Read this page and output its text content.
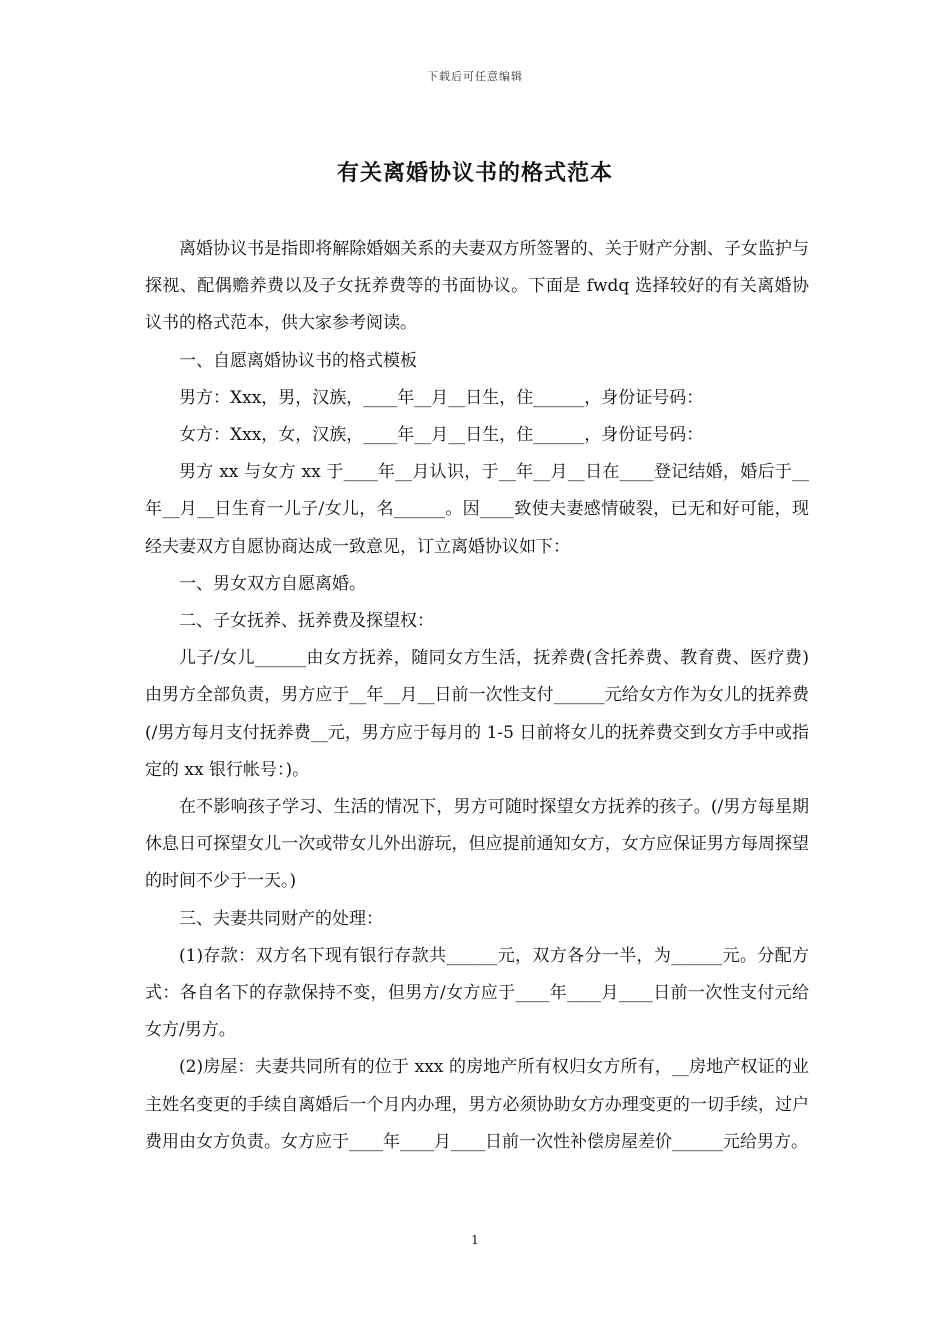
下载后可任意编辑
有关离婚协议书的格式范本

离婚协议书是指即将解除婚姻关系的夫妻双方所签署的、关于财产分割、子女监护与探视、配偶赡养费以及子女抚养费等的书面协议。下面是 fwdq 选择较好的有关离婚协议书的格式范本，供大家参考阅读。

一、自愿离婚协议书的格式模板

男方：Xxx，男，汉族，____年__月__日生，住______，身份证号码：

女方：Xxx，女，汉族，____年__月__日生，住______，身份证号码：

男方 xx 与女方 xx 于____年__月认识，于__年__月__日在____登记结婚，婚后于__年__月__日生育一儿子/女儿，名______。因____致使夫妻感情破裂，已无和好可能，现经夫妻双方自愿协商达成一致意见，订立离婚协议如下：

一、男女双方自愿离婚。

二、子女抚养、抚养费及探望权：

儿子/女儿______由女方抚养，随同女方生活，抚养费(含托养费、教育费、医疗费)由男方全部负责，男方应于__年__月__日前一次性支付______元给女方作为女儿的抚养费(/男方每月支付抚养费__元，男方应于每月的 1-5 日前将女儿的抚养费交到女方手中或指定的 xx 银行帐号：)。

在不影响孩子学习、生活的情况下，男方可随时探望女方抚养的孩子。(/男方每星期休息日可探望女儿一次或带女儿外出游玩，但应提前通知女方，女方应保证男方每周探望的时间不少于一天。)

三、夫妻共同财产的处理：

(1)存款：双方名下现有银行存款共______元，双方各分一半，为______元。分配方式：各自名下的存款保持不变，但男方/女方应于____年____月____日前一次性支付元给女方/男方。

(2)房屋：夫妻共同所有的位于 xxx 的房地产所有权归女方所有，__房地产权证的业主姓名变更的手续自离婚后一个月内办理，男方必须协助女方办理变更的一切手续，过户费用由女方负责。女方应于____年____月____日前一次性补偿房屋差价______元给男方。

1
